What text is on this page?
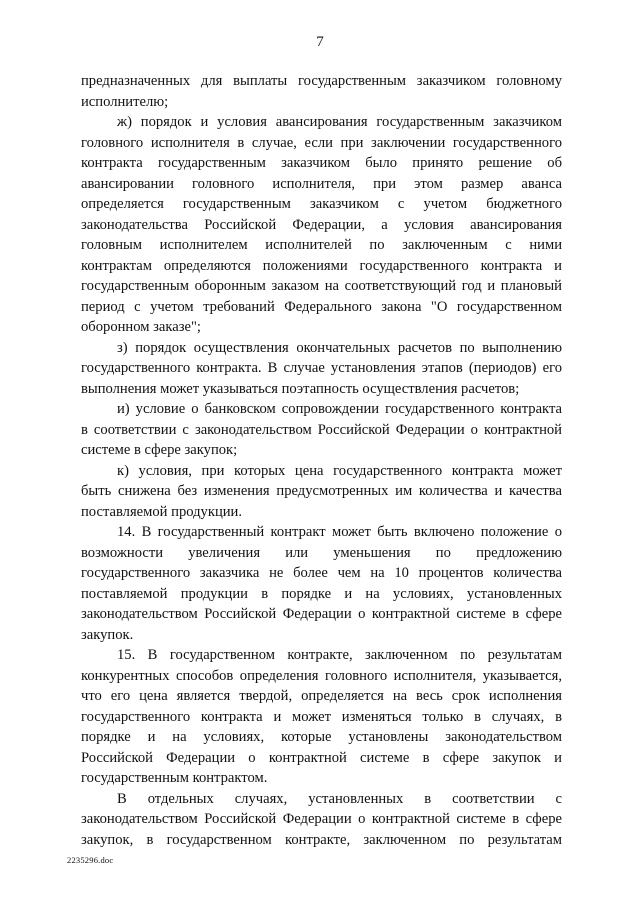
7
предназначенных для выплаты государственным заказчиком головному
исполнителю;
ж) порядок и условия авансирования государственным заказчиком
головного исполнителя в случае, если при заключении государственного
контракта государственным заказчиком было принято решение об
авансировании головного исполнителя, при этом размер аванса
определяется государственным заказчиком с учетом бюджетного
законодательства Российской Федерации, а условия авансирования
головным исполнителем исполнителей по заключенным с ними
контрактам определяются положениями государственного контракта и
государственным оборонным заказом на соответствующий год и плановый
период с учетом требований Федерального закона "О государственном
оборонном заказе";
з) порядок осуществления окончательных расчетов по выполнению
государственного контракта. В случае установления этапов (периодов) его
выполнения может указываться поэтапность осуществления расчетов;
и) условие о банковском сопровождении государственного контракта
в соответствии с законодательством Российской Федерации о контрактной
системе в сфере закупок;
к) условия, при которых цена государственного контракта может
быть снижена без изменения предусмотренных им количества и качества
поставляемой продукции.
14. В государственный контракт может быть включено положение о
возможности увеличения или уменьшения по предложению
государственного заказчика не более чем на 10 процентов количества
поставляемой продукции в порядке и на условиях, установленных
законодательством Российской Федерации о контрактной системе в сфере
закупок.
15. В государственном контракте, заключенном по результатам
конкурентных способов определения головного исполнителя, указывается,
что его цена является твердой, определяется на весь срок исполнения
государственного контракта и может изменяться только в случаях, в
порядке и на условиях, которые установлены законодательством
Российской Федерации о контрактной системе в сфере закупок и
государственным контрактом.
В отдельных случаях, установленных в соответствии с
законодательством Российской Федерации о контрактной системе в сфере
закупок, в государственном контракте, заключенном по результатам
2235296.doc
